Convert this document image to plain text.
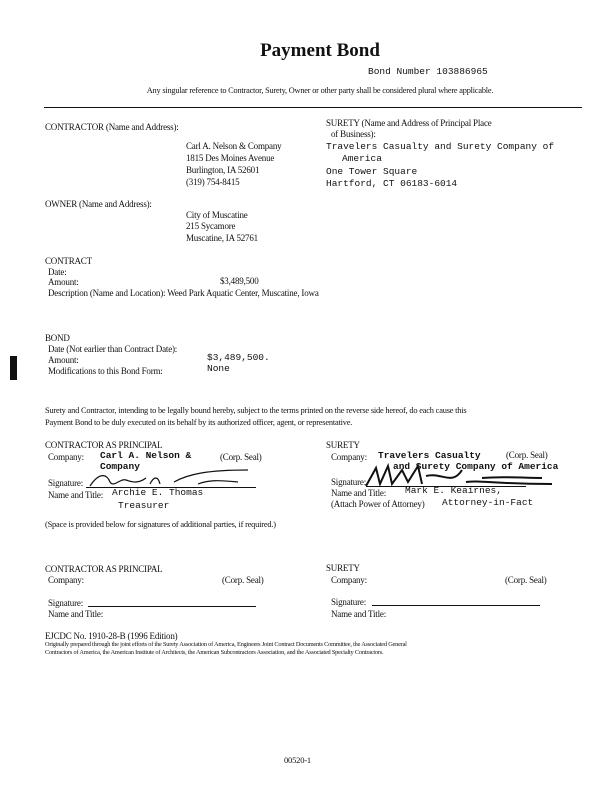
Payment Bond
Bond Number 103886965
Any singular reference to Contractor, Surety, Owner or other party shall be considered plural where applicable.
CONTRACTOR (Name and Address):
Carl A. Nelson & Company
1815 Des Moines Avenue
Burlington, IA 52601
(319) 754-8415
SURETY (Name and Address of Principal Place
of Business):
Travelers Casualty and Surety Company of
America
One Tower Square
Hartford, CT 06183-6014
OWNER (Name and Address):
City of Muscatine
215 Sycamore
Muscatine, IA 52761
CONTRACT
Date:
Amount:	$3,489,500
Description (Name and Location): Weed Park Aquatic Center, Muscatine, Iowa
BOND
Date (Not earlier than Contract Date):
Amount:	$3,489,500.
Modifications to this Bond Form:	None
Surety and Contractor, intending to be legally bound hereby, subject to the terms printed on the reverse side hereof, do each cause this
Payment Bond to be duly executed on its behalf by its authorized officer, agent, or representative.
CONTRACTOR AS PRINCIPAL
Company: Carl A. Nelson &
Company
(Corp. Seal)
Signature:
Name and Title: Archie E. Thomas
Treasurer
SURETY
Company: Travelers Casualty
and Surety Company of America
(Corp. Seal)
Signature:
Name and Title: Mark E. Keairnes,
(Attach Power of Attorney) Attorney-in-Fact
(Space is provided below for signatures of additional parties, if required.)
CONTRACTOR AS PRINCIPAL
Company:	(Corp. Seal)
Signature:
Name and Title:
SURETY
Company:	(Corp. Seal)
Signature:
Name and Title:
EJCDC No. 1910-28-B (1996 Edition)
Originally prepared through the joint efforts of the Surety Association of America, Engineers Joint Contract Documents Committee, the Associated General
Contractors of America, the American Institute of Architects, the American Subcontractors Association, and the Associated Specialty Contractors.
00520-1
